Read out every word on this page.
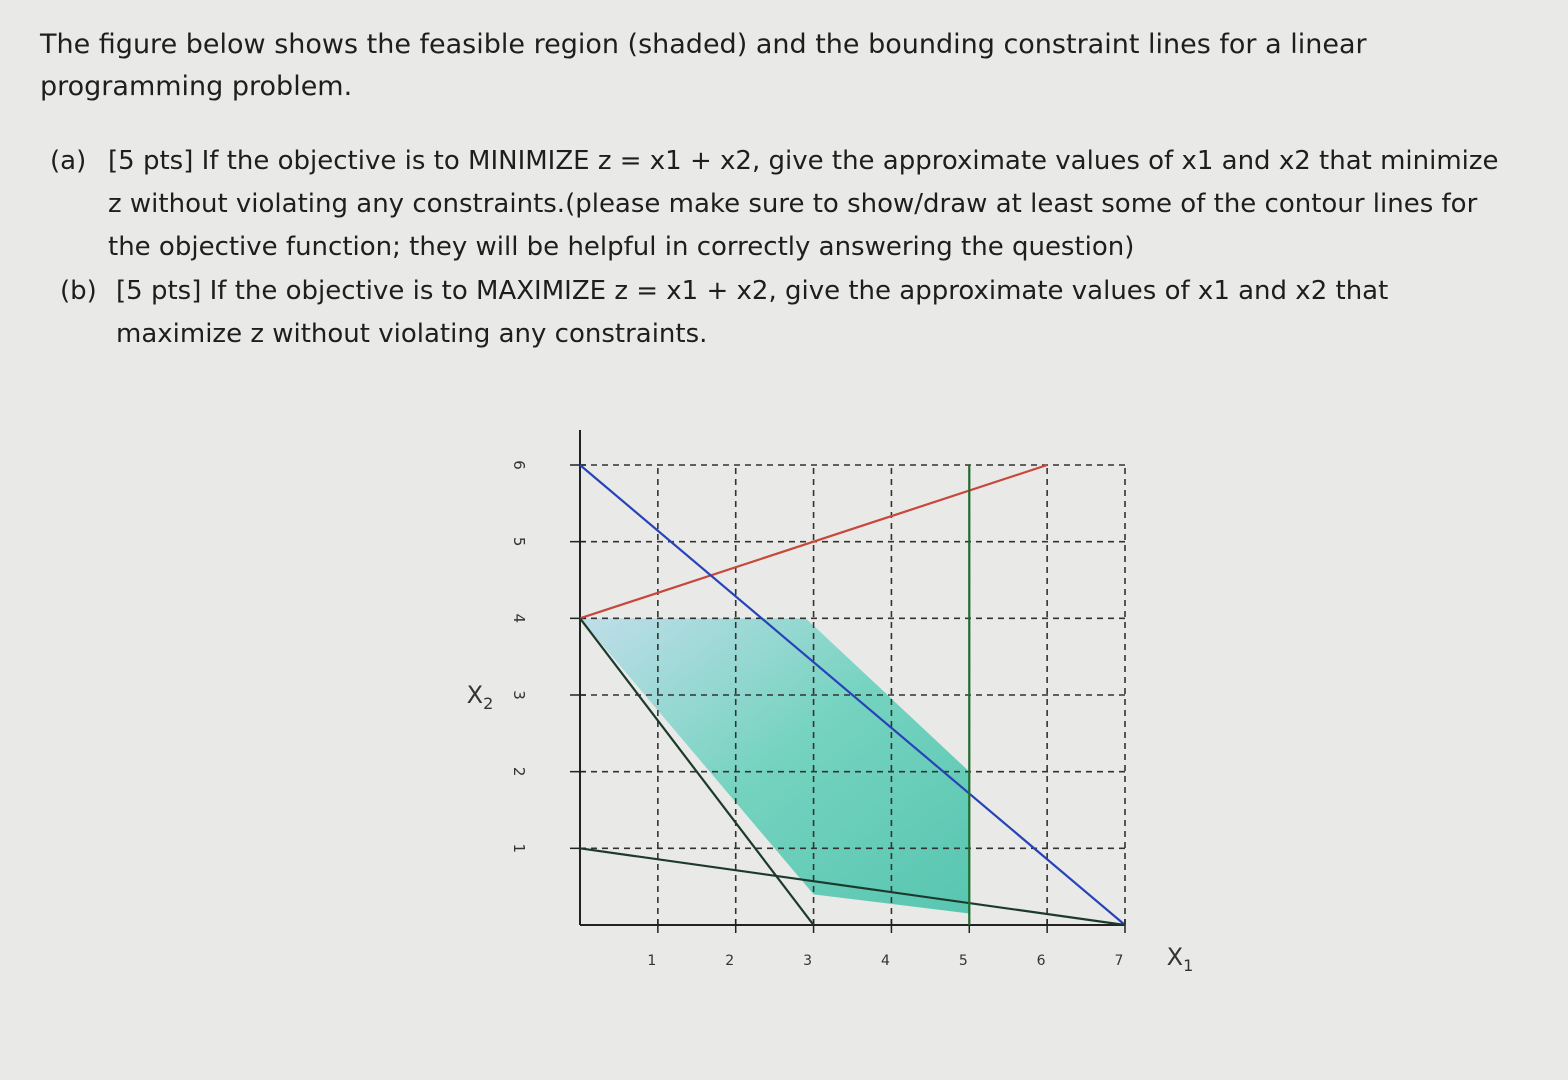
The figure below shows the feasible region (shaded) and the bounding constraint lines for a linear programming problem.

(a) [5 pts] If the objective is to MINIMIZE z = x1 + x2, give the approximate values of x1 and x2 that minimize z without violating any constraints.(please make sure to show/draw at least some of the contour lines for the objective function; they will be helpful in correctly answering the question)
(b) [5 pts] If the objective is to MAXIMIZE z = x1 + x2, give the approximate values of x1 and x2 that maximize z without violating any constraints.
1	2	3	4	5	6	7
1
2
3
4
5
6
$X_1$
$X_2$
